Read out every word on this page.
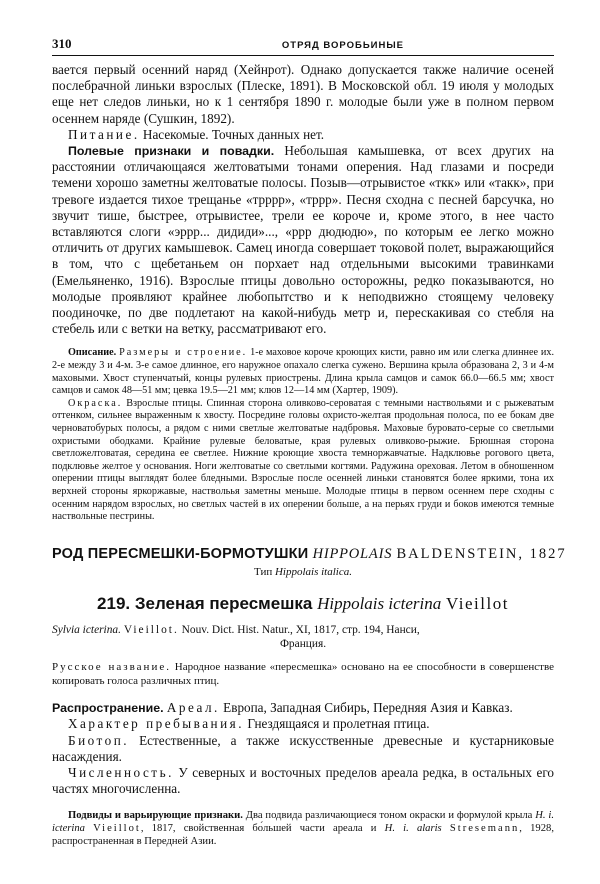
310	ОТРЯД ВОРОБЬИНЫЕ

вается первый осенний наряд (Хейнрот). Однако допускается также наличие осеней послебрачной линьки взрослых (Плеске, 1891). В Московской обл. 19 июля у молодых еще нет следов линьки, но к 1 сентября 1890 г. молодые были уже в полном первом осеннем наряде (Сушкин, 1892).

Питание. Насекомые. Точных данных нет.

Полевые признаки и повадки. Небольшая камышевка, от всех других на расстоянии отличающаяся желтоватыми тонами оперения. Над глазами и посреди темени хорошо заметны желтоватые полосы. Позыв—отрывистое «ткк» или «такк», при тревоге издается тихое трещанье «трррр», «тррр». Песня сходна с песней барсучка, но звучит тише, быстрее, отрывистее, трели ее короче и, кроме этого, в нее часто вставляются слоги «эррр... дидиди»..., «ррр дюдюдю», по которым ее легко можно отличить от других камышевок. Самец иногда совершает токовой полет, выражающийся в том, что с щебетаньем он порхает над отдельными высокими травинками (Емельяненко, 1916). Взрослые птицы довольно осторожны, редко показываются, но молодые проявляют крайнее любопытство и к неподвижно стоящему человеку поодиночке, по две подлетают на какой-нибудь метр и, перескакивая со стебля на стебель или с ветки на ветку, рассматривают его.

Описание. Размеры и строение. 1-е маховое короче кроющих кисти, равно им или слегка длиннее их. 2-е между 3 и 4-м. 3-е самое длинное, его наружное опахало слегка сужено. Вершина крыла образована 2, 3 и 4-м маховыми. Хвост ступенчатый, концы рулевых приострены. Длина крыла самцов и самок 66.0—66.5 мм; хвост самцов и самок 48—51 мм; цевка 19.5—21 мм; клюв 12—14 мм (Хартер, 1909).

Окраска. Взрослые птицы. Спинная сторона оливково-сероватая с темными наствольями и с рыжеватым оттенком, сильнее выраженным к хвосту. Посредине головы охристо-желтая продольная полоса, по ее бокам две черноватобурых полосы, а рядом с ними светлые желтоватые надбровья. Маховые буровато-серые со светлыми охристыми ободками. Крайние рулевые беловатые, края рулевых оливково-рыжие. Брюшная сторона светложелтоватая, середина ее светлее. Нижние кроющие хвоста темноржавчатые. Надклювье рогового цвета, подклювье желтое у основания. Ноги желтоватые со светлыми когтями. Радужина ореховая. Летом в обношенном оперении птицы выглядят более бледными. Взрослые после осенней линьки становятся более яркими, тона их верхней стороны яркоржавые, наствольья заметны меньше. Молодые птицы в первом осеннем пере сходны с осенним нарядом взрослых, но светлых частей в их оперении больше, а на перьях груди и боков имеются темные наствольные пестрины.

РОД ПЕРЕСМЕШКИ-БОРМОТУШКИ HIPPOLAIS BALDENSTEIN, 1827
Тип Hippolais italica.
219. Зеленая пересмешка Hippolais icterina Vieillot
Sylvia icterina. Vieillot. Nouv. Dict. Hist. Natur., XI, 1817, стр. 194, Нанси,
Франция.
Русское название. Народное название «пересмешка» основано на ее способности в совершенстве копировать голоса различных птиц.

Распространение. Ареал. Европа, Западная Сибирь, Передняя Азия и Кавказ.

Характер пребывания. Гнездящаяся и пролетная птица.

Биотоп. Естественные, а также искусственные древесные и кустарниковые насаждения.

Численность. У северных и восточных пределов ареала редка, в остальных его частях многочисленна.

Подвиды и варьирующие признаки. Два подвида различающиеся тоном окраски и формулой крыла H. i. icterina Vieillot, 1817, свойственная бо́льшей части ареала и H. i. alaris Stresemann, 1928, распространенная в Передней Азии.
